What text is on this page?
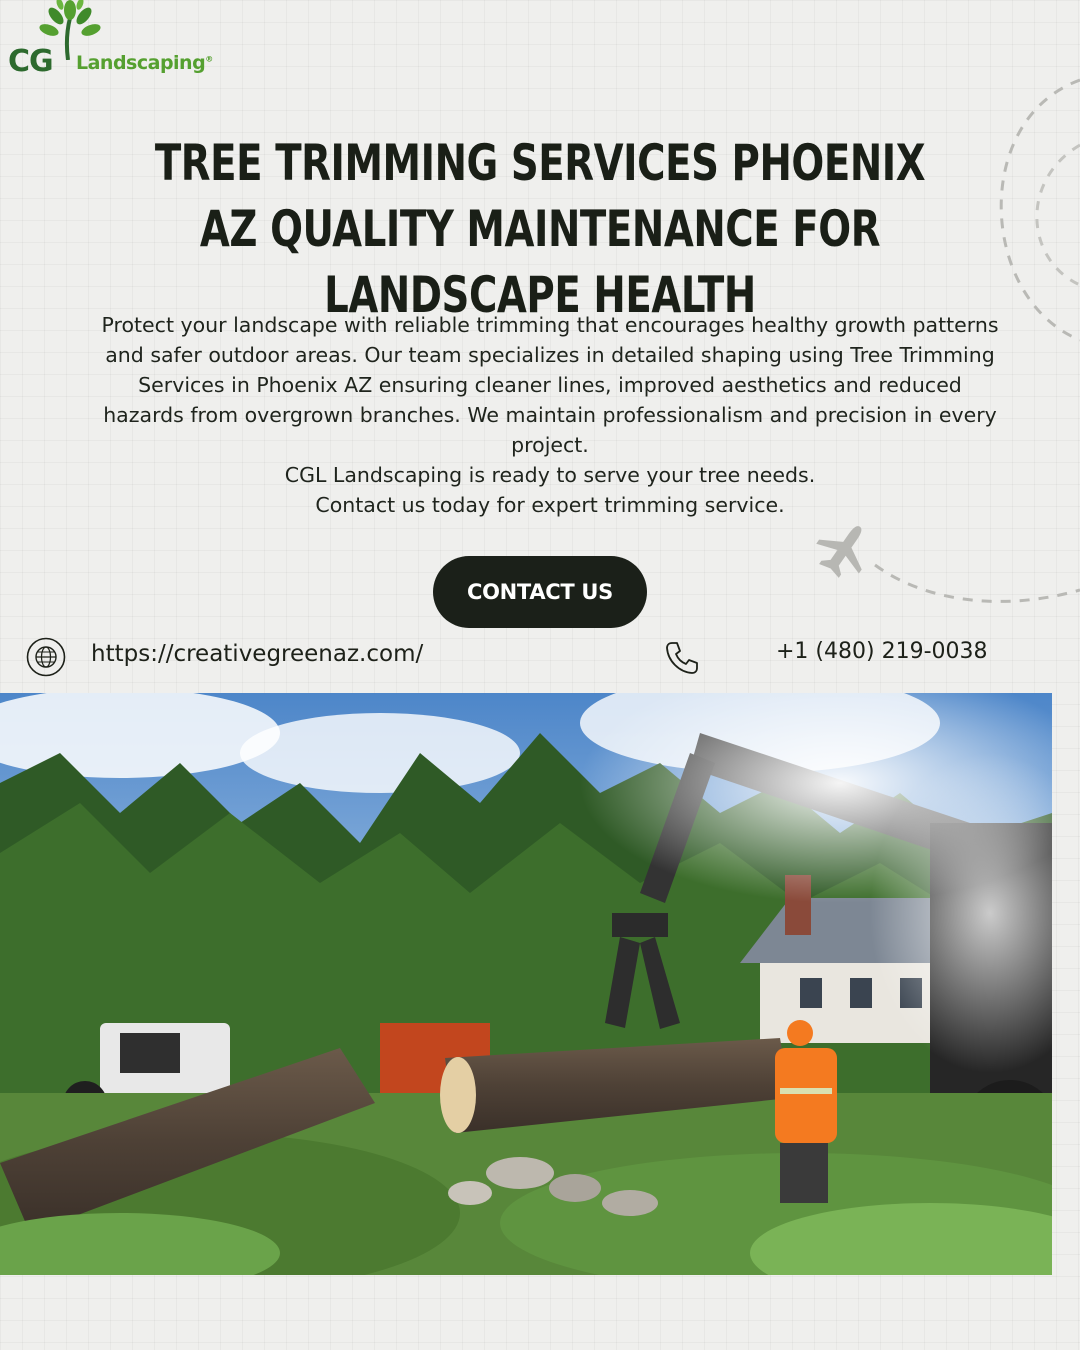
CG Landscaping®
TREE TRIMMING SERVICES PHOENIX AZ QUALITY MAINTENANCE FOR LANDSCAPE HEALTH

Protect your landscape with reliable trimming that encourages healthy growth patterns and safer outdoor areas. Our team specializes in detailed shaping using Tree Trimming Services in Phoenix AZ ensuring cleaner lines, improved aesthetics and reduced hazards from overgrown branches. We maintain professionalism and precision in every project.

CGL Landscaping is ready to serve your tree needs.

Contact us today for expert trimming service.

CONTACT US
https://creativegreenaz.com/	+1 (480) 219-0038
